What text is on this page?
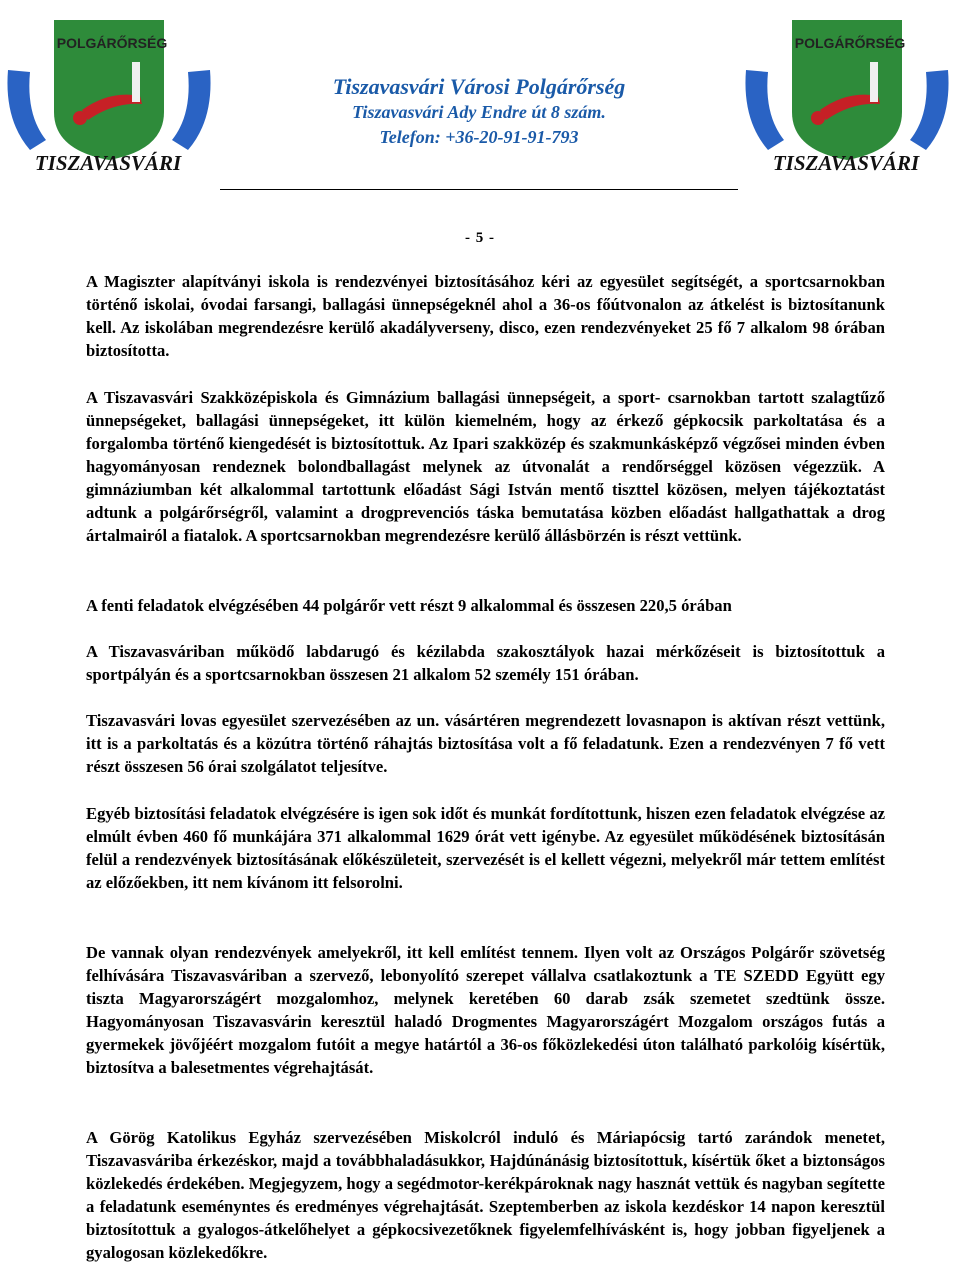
POLGÁRŐRSÉG
TISZAVASVÁRI
POLGÁRŐRSÉG
TISZAVASVÁRI
Tiszavasvári Városi Polgárőrség
Tiszavasvári Ady Endre út 8 szám.
Telefon: +36-20-91-91-793
- 5 -

A Magiszter alapítványi iskola is rendezvényei biztosításához kéri az egyesület segítségét, a sportcsarnokban történő iskolai, óvodai farsangi, ballagási ünnepségeknél ahol a 36-os főútvonalon az átkelést is biztosítanunk kell. Az iskolában megrendezésre kerülő akadályverseny, disco, ezen rendezvényeket 25 fő 7 alkalom 98 órában biztosította.

A Tiszavasvári Szakközépiskola és Gimnázium ballagási ünnepségeit, a sport- csarnokban tartott szalagtűző ünnepségeket, ballagási ünnepségeket, itt külön kiemelném, hogy az érkező gépkocsik parkoltatása és a forgalomba történő kiengedését is biztosítottuk. Az Ipari szakközép és szakmunkásképző végzősei minden évben hagyományosan rendeznek bolondballagást melynek az útvonalát a rendőrséggel közösen végezzük. A gimnáziumban két alkalommal tartottunk előadást Sági István mentő tiszttel közösen, melyen tájékoztatást adtunk a polgárőrségről, valamint a drogprevenciós táska bemutatása közben előadást hallgathattak a drog ártalmairól a fiatalok. A sportcsarnokban megrendezésre kerülő állásbörzén is részt vettünk.

A fenti feladatok elvégzésében 44 polgárőr vett részt 9 alkalommal és összesen 220,5 órában

A Tiszavasváriban működő labdarugó és kézilabda szakosztályok hazai mérkőzéseit is biztosítottuk a sportpályán és a sportcsarnokban összesen 21 alkalom 52 személy 151 órában.

Tiszavasvári lovas egyesület szervezésében az un. vásártéren megrendezett lovasnapon is aktívan részt vettünk, itt is a parkoltatás és a közútra történő ráhajtás biztosítása volt a fő feladatunk. Ezen a rendezvényen 7 fő vett részt összesen 56 órai szolgálatot teljesítve.

Egyéb biztosítási feladatok elvégzésére is igen sok időt és munkát fordítottunk, hiszen ezen feladatok elvégzése az elmúlt évben 460 fő munkájára 371 alkalommal 1629 órát vett igénybe. Az egyesület működésének biztosításán felül a rendezvények biztosításának előkészületeit, szervezését is el kellett végezni, melyekről már tettem említést az előzőekben, itt nem kívánom itt felsorolni.

De vannak olyan rendezvények amelyekről, itt kell említést tennem. Ilyen volt az Országos Polgárőr szövetség felhívására Tiszavasváriban a szervező, lebonyolító szerepet vállalva csatlakoztunk a TE SZEDD Együtt egy tiszta Magyarországért mozgalomhoz, melynek keretében 60 darab zsák szemetet szedtünk össze. Hagyományosan Tiszavasvárin keresztül haladó Drogmentes Magyarországért Mozgalom országos futás a gyermekek jövőjéért mozgalom futóit a megye határtól a 36-os főközlekedési úton található parkolóig kísértük, biztosítva a balesetmentes végrehajtását.

A Görög Katolikus Egyház szervezésében Miskolcról induló és Máriapócsig tartó zarándok menetet, Tiszavasváriba érkezéskor, majd a továbbhaladásukkor, Hajdúnánásig biztosítottuk, kísértük őket a biztonságos közlekedés érdekében. Megjegyzem, hogy a segédmotor-kerékpároknak nagy hasznát vettük és nagyban segítette a feladatunk eseményntes és eredményes végrehajtását. Szeptemberben az iskola kezdéskor 14 napon keresztül biztosítottuk a gyalogos-átkelőhelyet a gépkocsivezetőknek figyelemfelhívásként is, hogy jobban figyeljenek a gyalogosan közlekedőkre.
